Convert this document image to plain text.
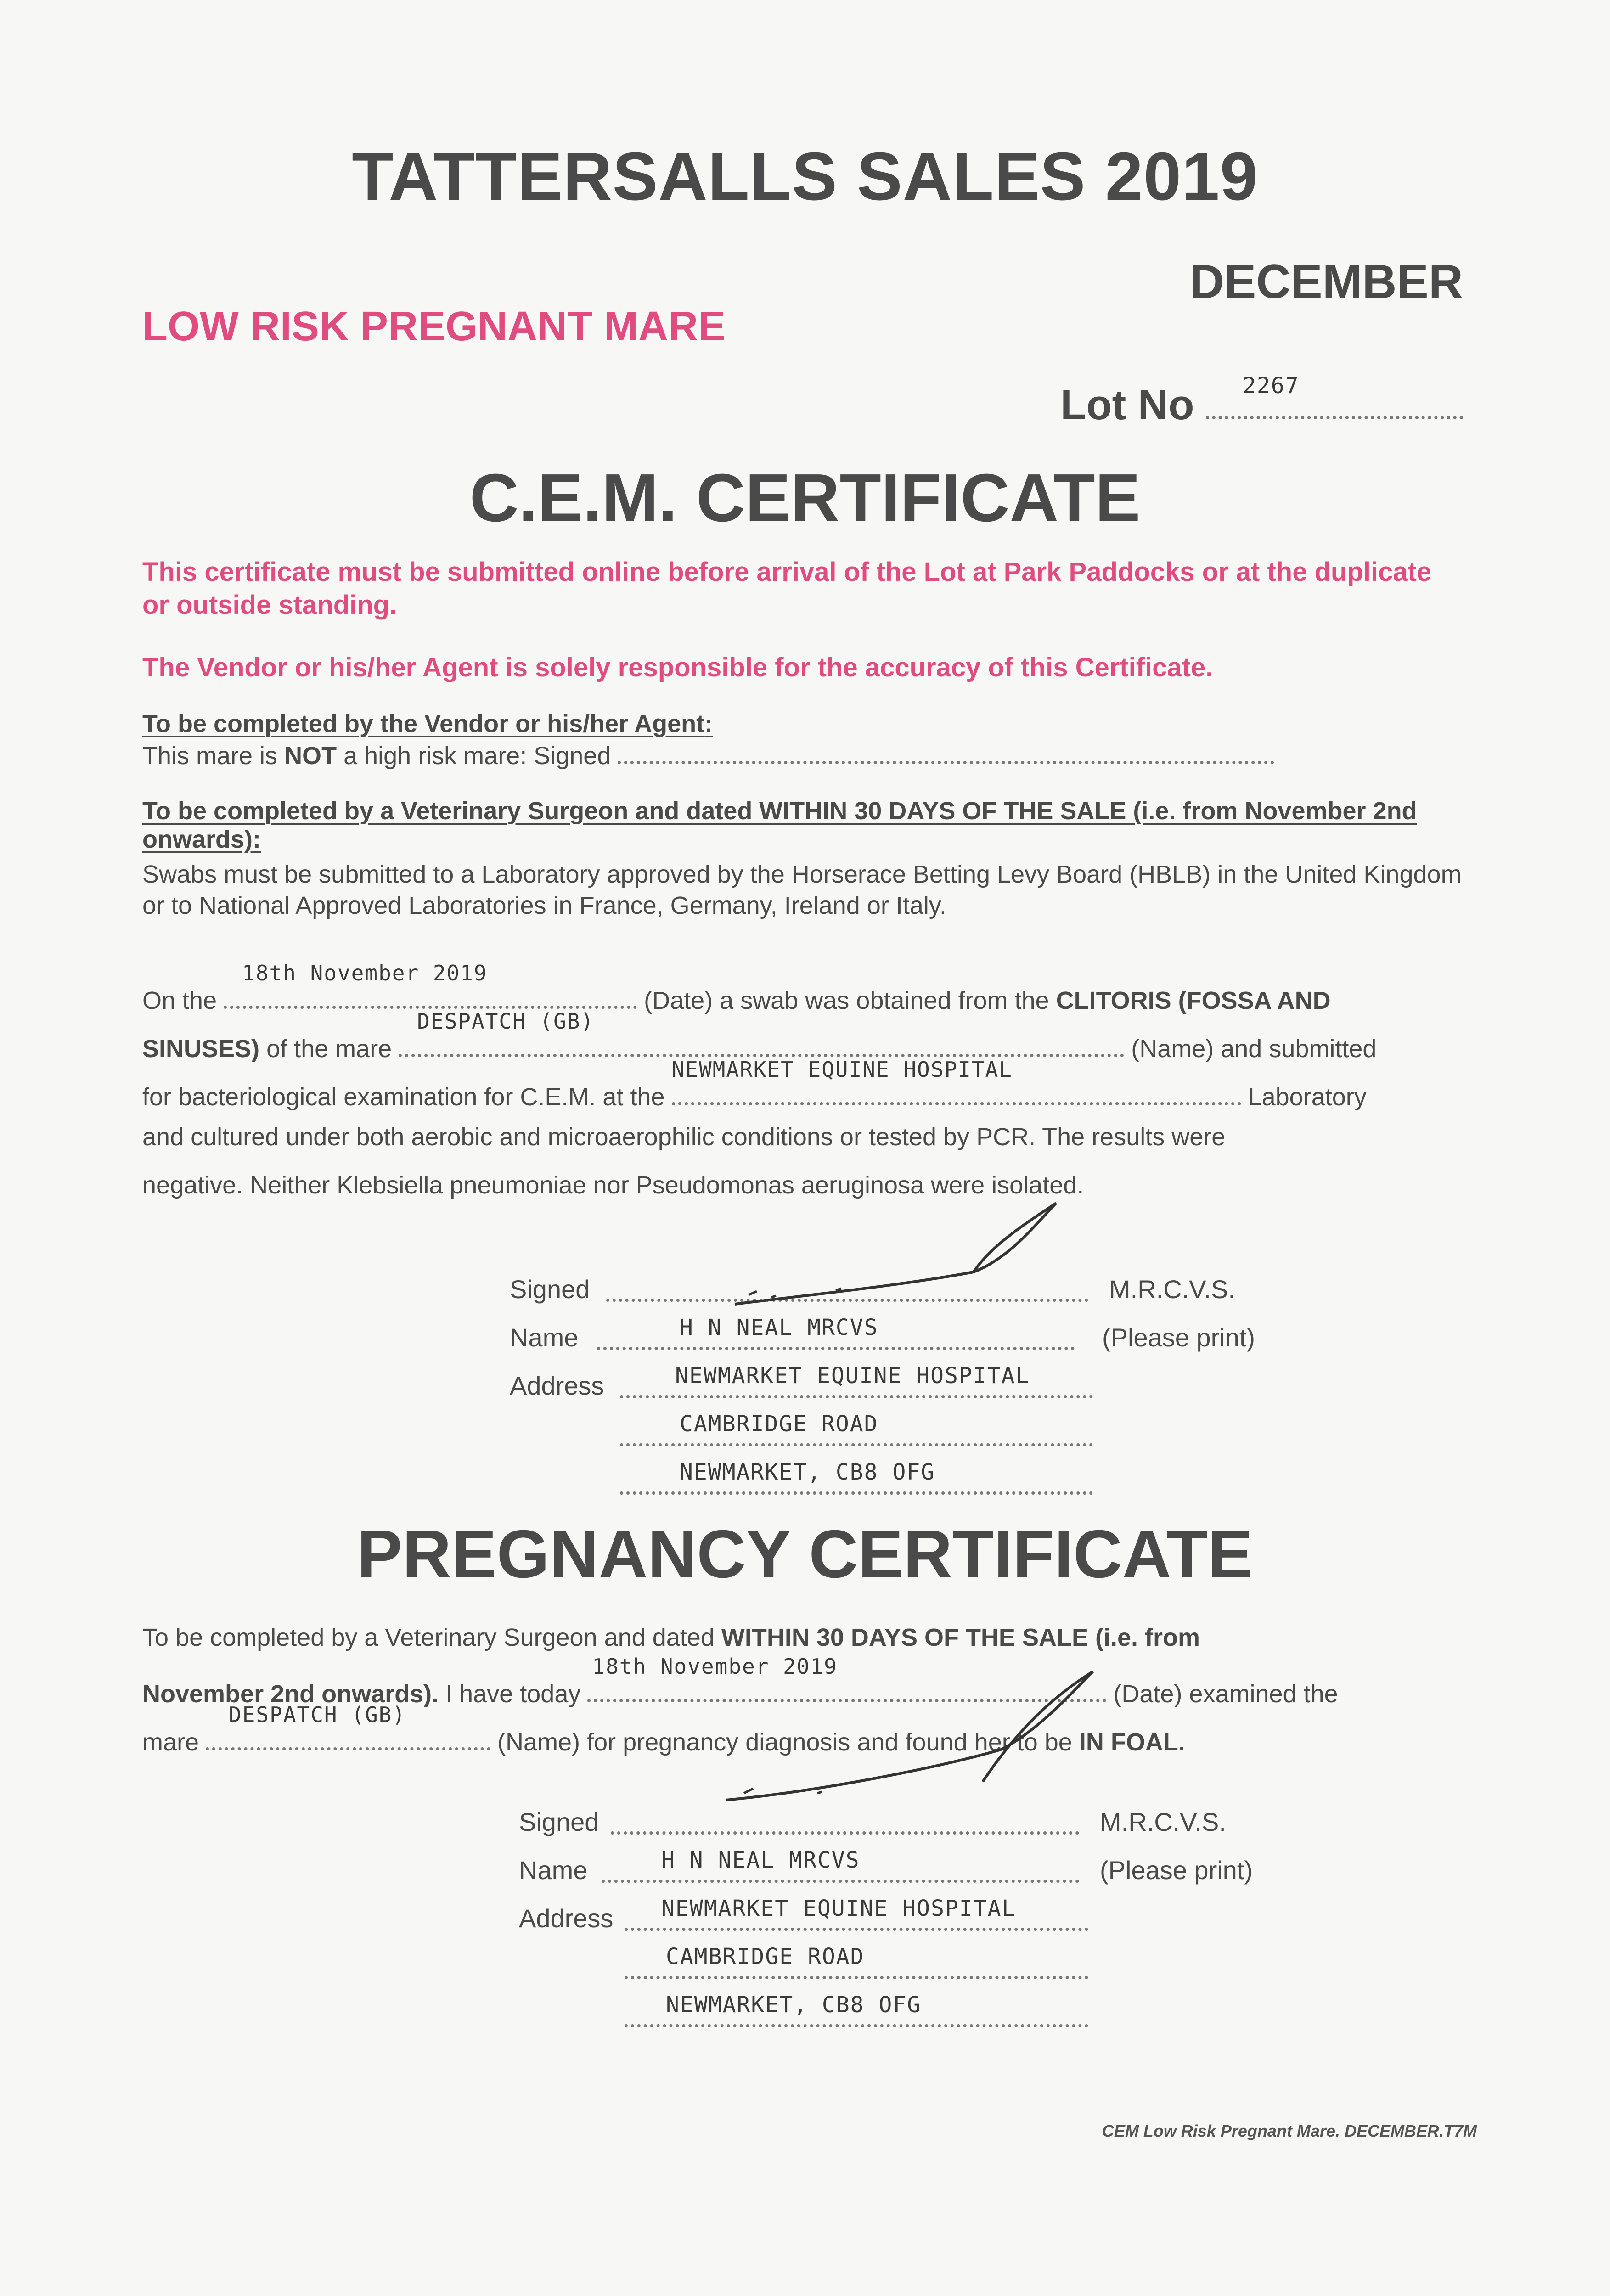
TATTERSALLS SALES 2019
DECEMBER
LOW RISK PREGNANT MARE
Lot No 2267
C.E.M. CERTIFICATE
This certificate must be submitted online before arrival of the Lot at Park Paddocks or at the duplicate or outside standing.
The Vendor or his/her Agent is solely responsible for the accuracy of this Certificate.
To be completed by the Vendor or his/her Agent:
This mare is NOT a high risk mare: Signed
To be completed by a Veterinary Surgeon and dated WITHIN 30 DAYS OF THE SALE (i.e. from November 2nd onwards):
Swabs must be submitted to a Laboratory approved by the Horserace Betting Levy Board (HBLB) in the United Kingdom or to National Approved Laboratories in France, Germany, Ireland or Italy.
On the
18th November 2019
(Date) a swab was obtained from the CLITORIS (FOSSA AND
SINUSES) of the mare
DESPATCH (GB)
(Name) and submitted
for bacteriological examination for C.E.M. at the
NEWMARKET EQUINE HOSPITAL
Laboratory
and cultured under both aerobic and microaerophilic conditions or tested by PCR. The results were
negative. Neither Klebsiella pneumoniae nor Pseudomonas aeruginosa were isolated.
Signed	M.R.C.V.S.
Name	H N NEAL MRCVS	(Please print)
Address	NEWMARKET EQUINE HOSPITAL
CAMBRIDGE ROAD
NEWMARKET, CB8 OFG
PREGNANCY CERTIFICATE
To be completed by a Veterinary Surgeon and dated WITHIN 30 DAYS OF THE SALE (i.e. from
November 2nd onwards). I have today
18th November 2019
(Date) examined the
mare
DESPATCH (GB)
(Name) for pregnancy diagnosis and found her to be IN FOAL.
Signed	M.R.C.V.S.
Name	H N NEAL MRCVS	(Please print)
Address NEWMARKET EQUINE HOSPITAL
CAMBRIDGE ROAD
NEWMARKET, CB8 OFG
CEM Low Risk Pregnant Mare. DECEMBER.T7M
